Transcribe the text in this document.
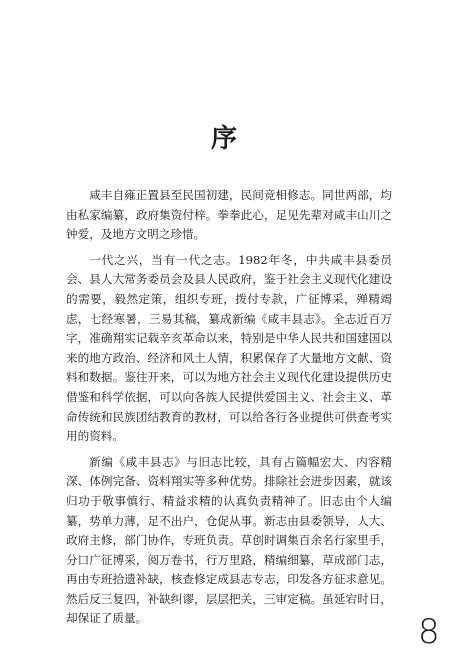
序

咸丰自雍正置县至民国初建，民间竞相修志。同世两部，均由私家编纂，政府集资付梓。拳拳此心，足见先辈对咸丰山川之钟爱，及地方文明之珍惜。

一代之兴，当有一代之志。1982年冬，中共咸丰县委员会、县人大常务委员会及县人民政府，鉴于社会主义现代化建设的需要，毅然定策，组织专班，拨付专款，广征博采，殚精竭虑，七经寒暑，三易其稿，纂成新编《咸丰县志》。全志近百万字，准确翔实记载辛亥革命以来，特别是中华人民共和国建国以来的地方政治、经济和风土人情，积累保存了大量地方文献、资料和数据。鉴往开来，可以为地方社会主义现代化建设提供历史借鉴和科学依据，可以向各族人民提供爱国主义、社会主义、革命传统和民族团结教育的教材，可以给各行各业提供可供查考实用的资料。

新编《咸丰县志》与旧志比较，具有占篇幅宏大、内容精深、体例完备、资料翔实等多种优势。排除社会进步因素，就该归功于敬事慎行、精益求精的认真负责精神了。旧志由个人编纂，势单力薄，足不出户，仓促从事。新志由县委领导，人大、政府主修，部门协作，专班负责。草创时调集百余名行家里手，分口广征博采，阅万卷书，行万里路，精编细纂，草成部门志，再由专班拾遗补缺，核查修定成县志专志，印发各方征求意见。然后反三复四，补缺纠谬，层层把关，三审定稿。虽延宕时日，却保证了质量。	8
